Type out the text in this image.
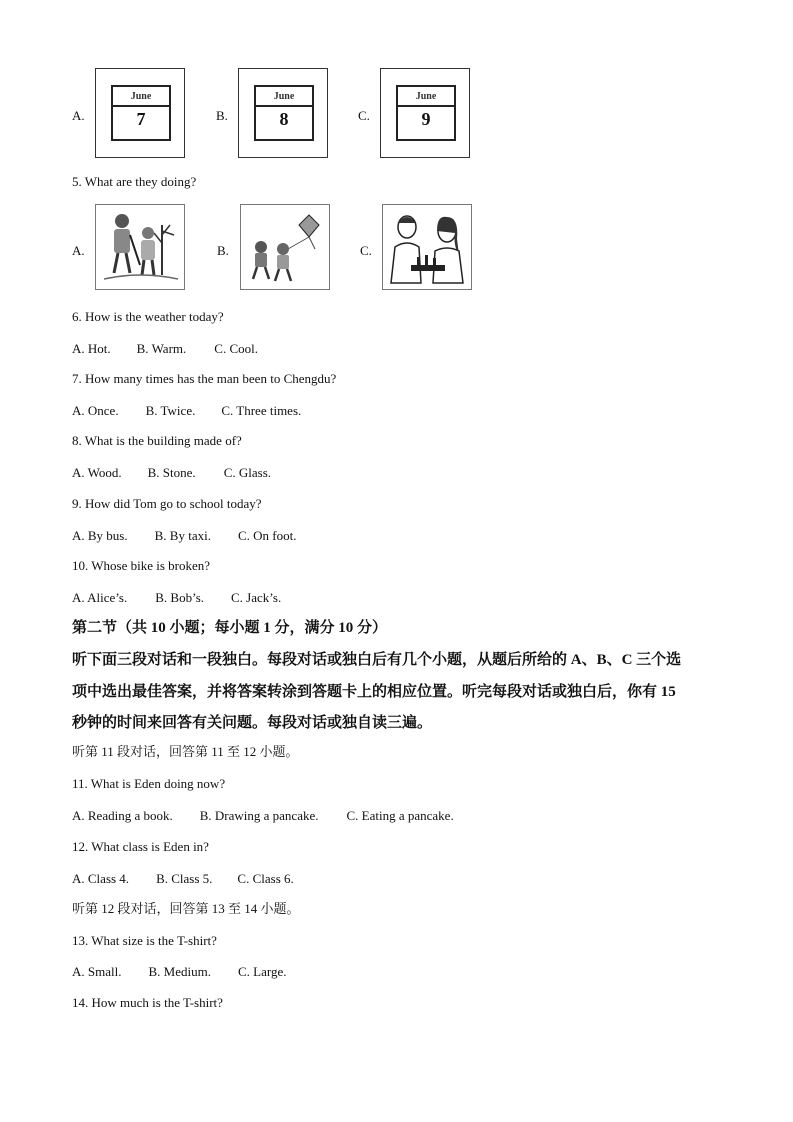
A.
June
7	B.
June
8	C.
June
9
5. What are they doing?
A.	B.	C.
6. How is the weather today?
A. Hot. B. Warm. C. Cool.
7. How many times has the man been to Chengdu?
A. Once. B. Twice. C. Three times.
8. What is the building made of?
A. Wood. B. Stone. C. Glass.
9. How did Tom go to school today?
A. By bus. B. By taxi. C. On foot.
10. Whose bike is broken?
A. Alice’s. B. Bob’s. C. Jack’s.
第二节（共 10 小题；每小题 1 分，满分 10 分）
听下面三段对话和一段独白。每段对话或独白后有几个小题，从题后所给的 A、B、C 三个选
项中选出最佳答案，并将答案转涂到答题卡上的相应位置。听完每段对话或独白后，你有 15
秒钟的时间来回答有关问题。每段对话或独自读三遍。
听第 11 段对话，回答第 11 至 12 小题。
11. What is Eden doing now?
A. Reading a book. B. Drawing a pancake. C. Eating a pancake.
12. What class is Eden in?
A. Class 4. B. Class 5. C. Class 6.
听第 12 段对话，回答第 13 至 14 小题。
13. What size is the T-shirt?
A. Small. B. Medium. C. Large.
14. How much is the T-shirt?
